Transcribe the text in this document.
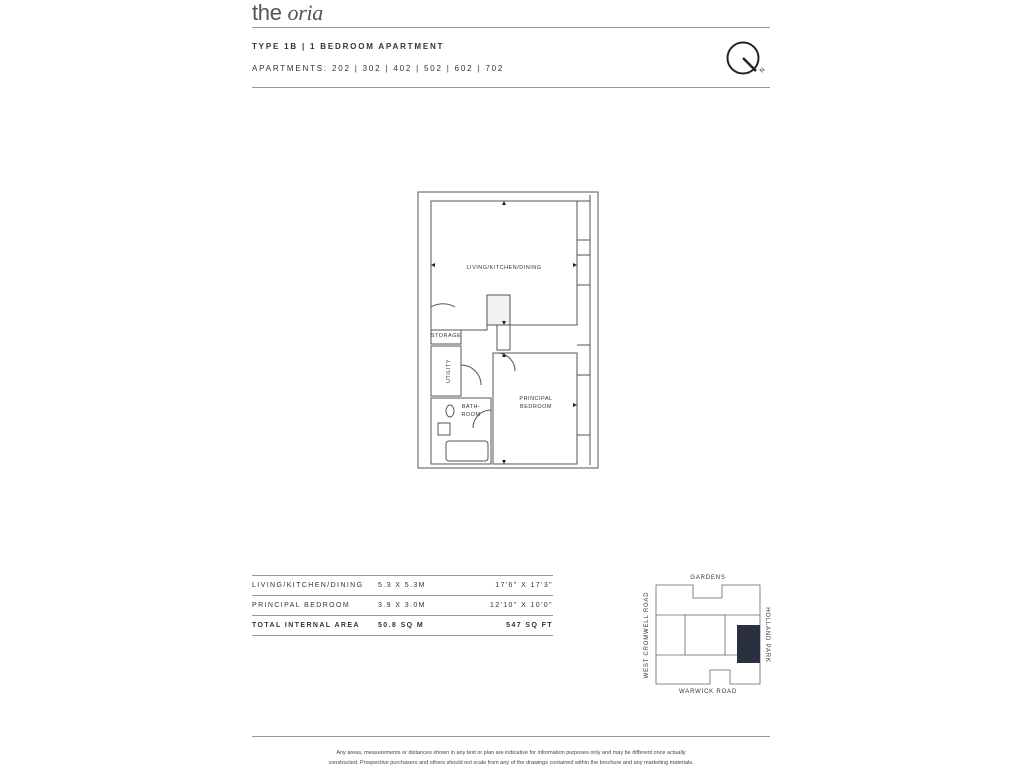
the oria
TYPE 1B | 1 BEDROOM APARTMENT
APARTMENTS: 202 | 302 | 402 | 502 | 602 | 702	N
LIVING/KITCHEN/DINING
STORAGE
UTILITY
BATH-
ROOM
PRINCIPAL
BEDROOM
LIVING/KITCHEN/DINING 5.3 X 5.3M	17'6" X 17'3"
PRINCIPAL BEDROOM	3.9 X 3.0M	12'10" X 10'0"
TOTAL INTERNAL AREA	50.8 SQ M	547 SQ FT
GARDENS
WARWICK ROAD
WEST CROMWELL ROAD	HOLLAND PARK
Any areas, measurements or distances shown in any text or plan are indicative for information purposes only and may be different once actually
constructed. Prospective purchasers and others should not scale from any of the drawings contained within the brochure and any marketing materials.
